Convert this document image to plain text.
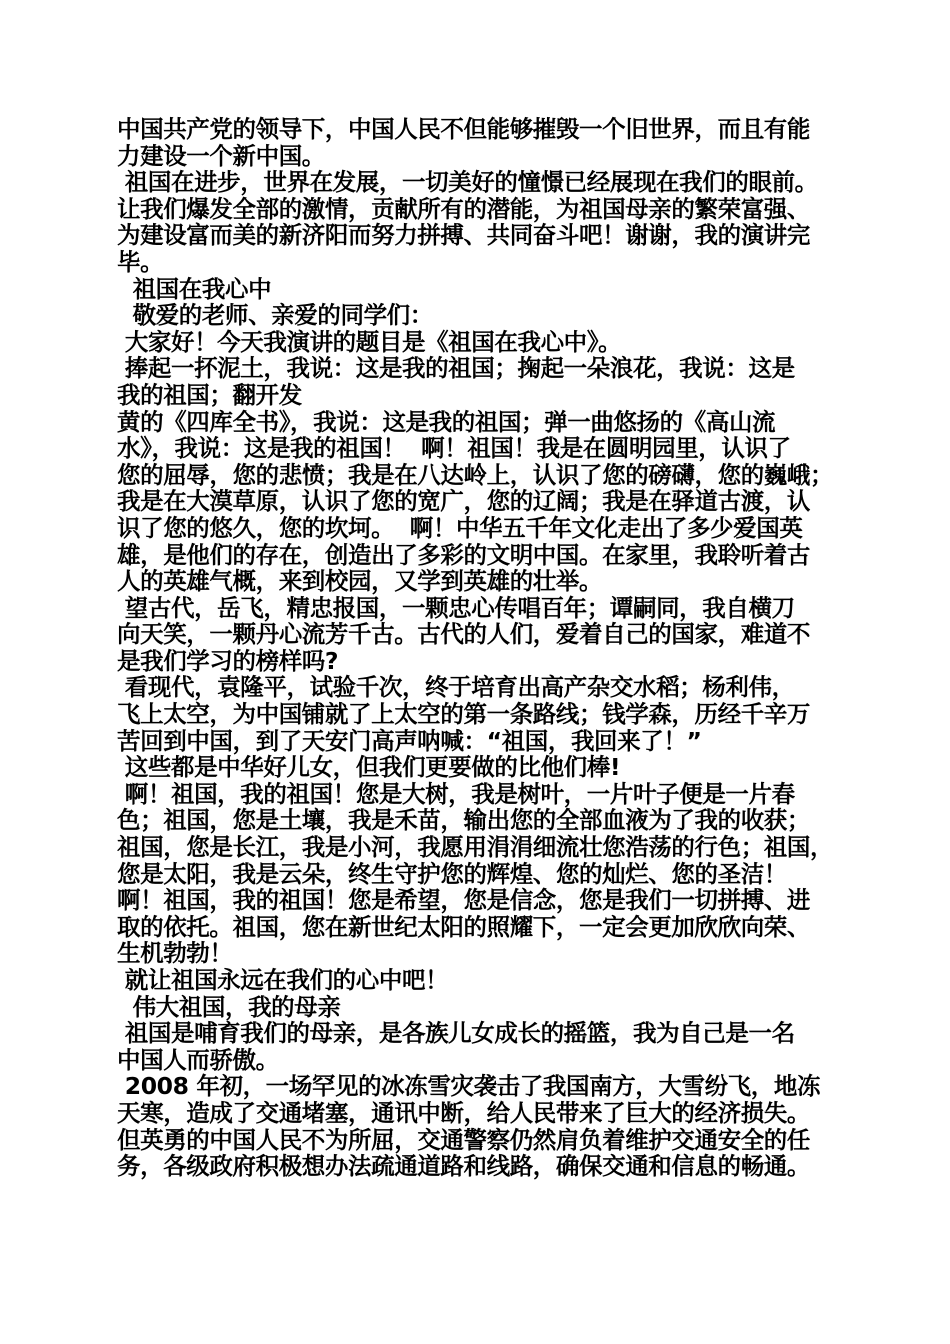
中国共产党的领导下，中国人民不但能够摧毁一个旧世界，而且有能
力建设一个新中国。
祖国在进步，世界在发展，一切美好的憧憬已经展现在我们的眼前。
让我们爆发全部的激情，贡献所有的潜能，为祖国母亲的繁荣富强、
为建设富而美的新济阳而努力拼搏、共同奋斗吧！谢谢，我的演讲完
毕。
祖国在我心中
敬爱的老师、亲爱的同学们：
大家好！今天我演讲的题目是《祖国在我心中》。
捧起一抔泥土，我说：这是我的祖国；掬起一朵浪花，我说：这是
我的祖国；翻开发
黄的《四库全书》，我说：这是我的祖国；弹一曲悠扬的《高山流
水》，我说：这是我的祖国！  啊！祖国！我是在圆明园里，认识了
您的屈辱，您的悲愤；我是在八达岭上，认识了您的磅礴，您的巍峨；
我是在大漠草原，认识了您的宽广，您的辽阔；我是在驿道古渡，认
识了您的悠久，您的坎坷。  啊！中华五千年文化走出了多少爱国英
雄，是他们的存在，创造出了多彩的文明中国。在家里，我聆听着古
人的英雄气概，来到校园，又学到英雄的壮举。
望古代，岳飞，精忠报国，一颗忠心传唱百年；谭嗣同，我自横刀
向天笑，一颗丹心流芳千古。古代的人们，爱着自己的国家，难道不
是我们学习的榜样吗?
看现代，袁隆平，试验千次，终于培育出高产杂交水稻；杨利伟，
飞上太空，为中国铺就了上太空的第一条路线；钱学森，历经千辛万
苦回到中国，到了天安门高声呐喊：“祖国，我回来了！”
这些都是中华好儿女，但我们更要做的比他们棒!
啊！祖国，我的祖国！您是大树，我是树叶，一片叶子便是一片春
色；祖国，您是土壤，我是禾苗，输出您的全部血液为了我的收获；
祖国，您是长江，我是小河，我愿用涓涓细流壮您浩荡的行色；祖国，
您是太阳，我是云朵，终生守护您的辉煌、您的灿烂、您的圣洁！
啊！祖国，我的祖国！您是希望，您是信念，您是我们一切拼搏、进
取的依托。祖国，您在新世纪太阳的照耀下，一定会更加欣欣向荣、
生机勃勃！
就让祖国永远在我们的心中吧！
伟大祖国，我的母亲
祖国是哺育我们的母亲，是各族儿女成长的摇篮，我为自己是一名
中国人而骄傲。
2008 年初，一场罕见的冰冻雪灾袭击了我国南方，大雪纷飞，地冻
天寒，造成了交通堵塞，通讯中断，给人民带来了巨大的经济损失。
但英勇的中国人民不为所屈，交通警察仍然肩负着维护交通安全的任
务，各级政府积极想办法疏通道路和线路，确保交通和信息的畅通。
